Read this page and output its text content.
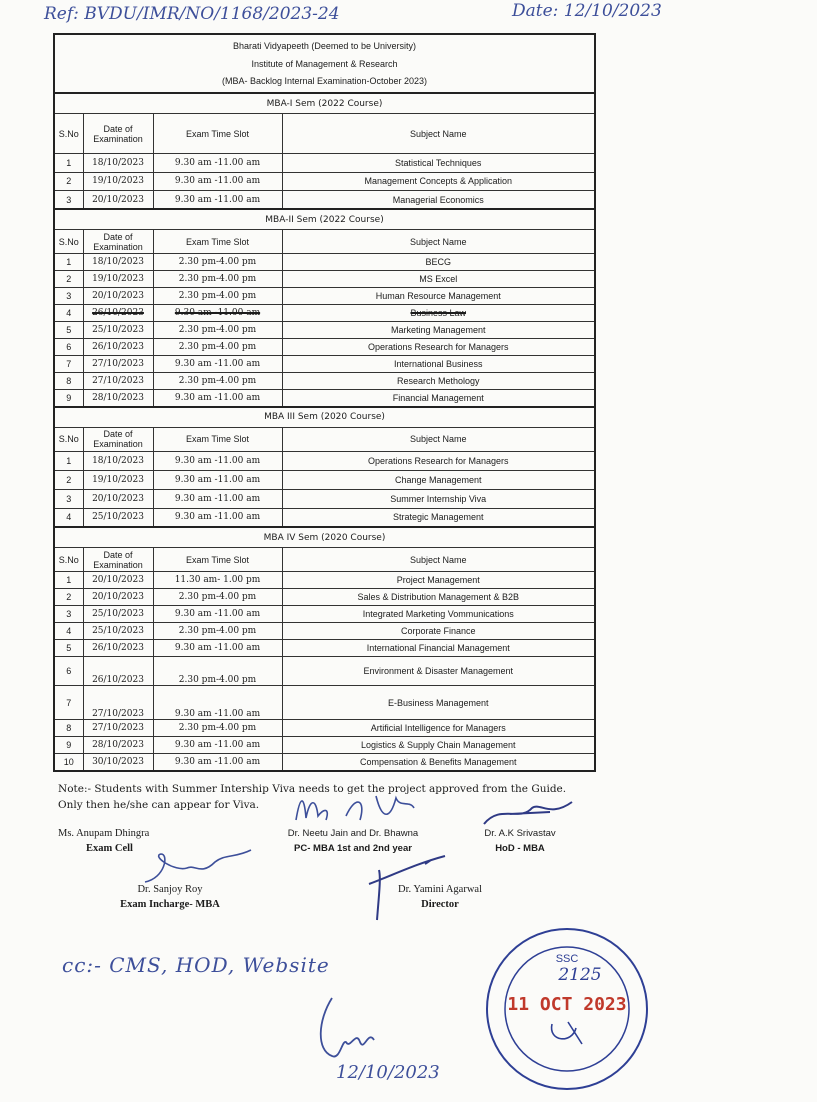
Ref: BVDU/IMR/NO/1168/2023-24	Date: 12/10/2023
Bharati Vidyapeeth (Deemed to be University)			
Institute of Management & Research			
(MBA- Backlog Internal Examination-October 2023)			
MBA-I Sem (2022 Course)			
S.No	Date of Examination	Exam Time Slot	Subject Name
1	18/10/2023	9.30 am -11.00 am	Statistical Techniques
2	19/10/2023	9.30 am -11.00 am	Management Concepts & Application
3	20/10/2023	9.30 am -11.00 am	Managerial Economics
MBA-II Sem (2022 Course)			
S.No	Date of Examination	Exam Time Slot	Subject Name
1	18/10/2023	2.30 pm-4.00 pm	BECG
2	19/10/2023	2.30 pm-4.00 pm	MS Excel
3	20/10/2023	2.30 pm-4.00 pm	Human Resource Management
4	26/10/2023	9.30 am -11.00 am	Business Law
5	25/10/2023	2.30 pm-4.00 pm	Marketing Management
6	26/10/2023	2.30 pm-4.00 pm	Operations Research for Managers
7	27/10/2023	9.30 am -11.00 am	International Business
8	27/10/2023	2.30 pm-4.00 pm	Research Methology
9	28/10/2023	9.30 am -11.00 am	Financial Management
MBA III Sem (2020 Course)			
S.No	Date of Examination	Exam Time Slot	Subject Name
1	18/10/2023	9.30 am -11.00 am	Operations Research for Managers
2	19/10/2023	9.30 am -11.00 am	Change Management
3	20/10/2023	9.30 am -11.00 am	Summer Internship Viva
4	25/10/2023	9.30 am -11.00 am	Strategic Management
MBA IV Sem (2020 Course)			
S.No	Date of Examination	Exam Time Slot	Subject Name
1	20/10/2023	11.30 am- 1.00 pm	Project Management
2	20/10/2023	2.30 pm-4.00 pm	Sales & Distribution Management & B2B
3	25/10/2023	9.30 am -11.00 am	Integrated Marketing Vommunications
4	25/10/2023	2.30 pm-4.00 pm	Corporate Finance
5	26/10/2023	9.30 am -11.00 am	International Financial Management
6	26/10/2023	2.30 pm-4.00 pm	Environment & Disaster Management
7	27/10/2023	9.30 am -11.00 am	E-Business Management
8	27/10/2023	2.30 pm-4.00 pm	Artificial Intelligence for Managers
9	28/10/2023	9.30 am -11.00 am	Logistics & Supply Chain Management
10	30/10/2023	9.30 am -11.00 am	Compensation & Benefits Management
Note:- Students with Summer Intership Viva needs to get the project approved from the Guide. Only then he/she can appear for Viva.
Ms. Anupam Dhingra
Exam Cell
Dr. Neetu Jain and Dr. Bhawna
PC- MBA 1st and 2nd year
Dr. A.K Srivastav
HoD - MBA
Dr. Sanjoy Roy
Exam Incharge- MBA
Dr. Yamini Agarwal
Director
cc:- CMS, HOD, Website
12/10/2023
SSC
2125
11 OCT 2023
